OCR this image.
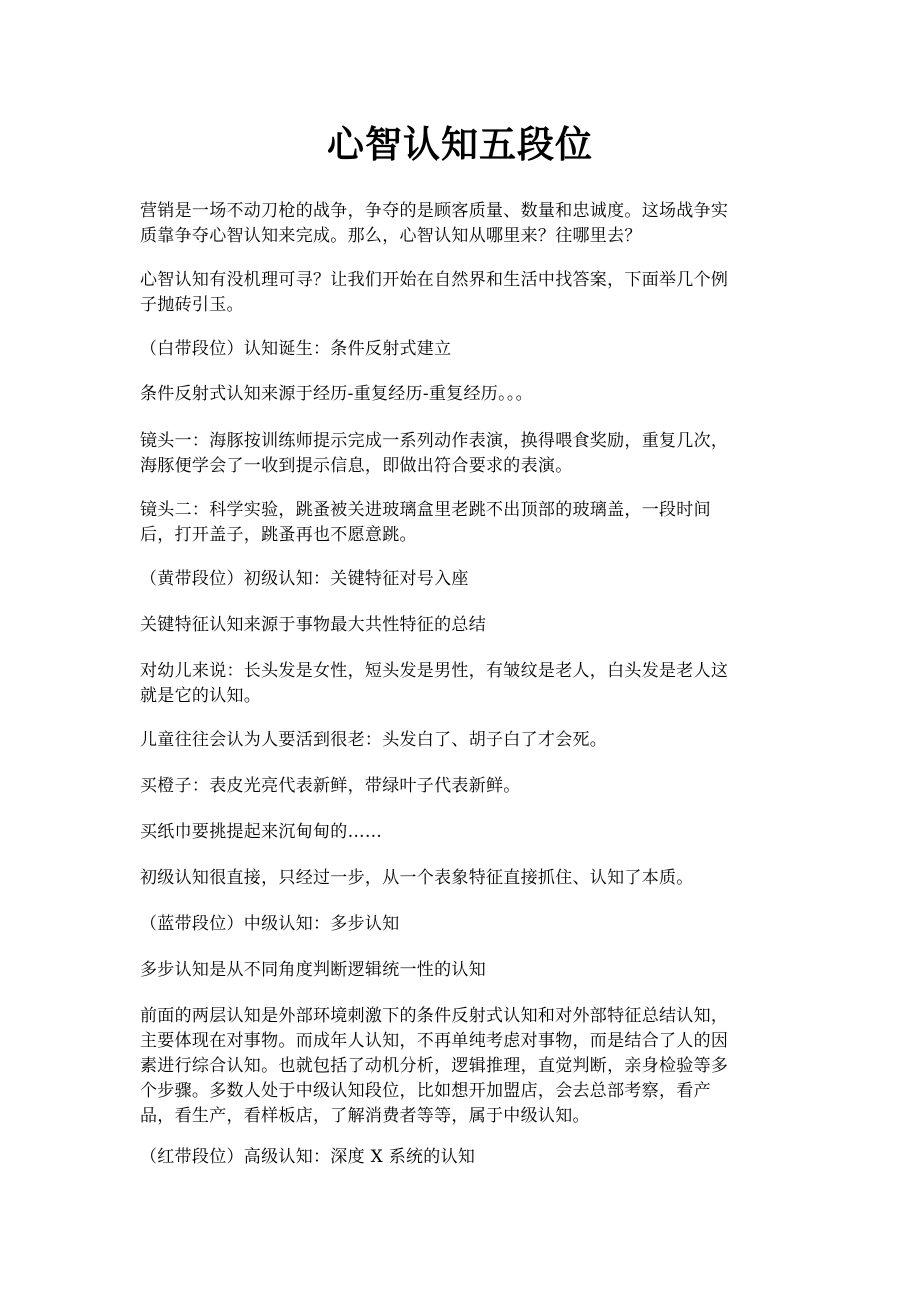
心智认知五段位

营销是一场不动刀枪的战争，争夺的是顾客质量、数量和忠诚度。这场战争实
质靠争夺心智认知来完成。那么，心智认知从哪里来？往哪里去？

心智认知有没机理可寻？让我们开始在自然界和生活中找答案，下面举几个例
子抛砖引玉。

（白带段位）认知诞生：条件反射式建立

条件反射式认知来源于经历-重复经历-重复经历。。。

镜头一：海豚按训练师提示完成一系列动作表演，换得喂食奖励，重复几次，
海豚便学会了一收到提示信息，即做出符合要求的表演。

镜头二：科学实验，跳蚤被关进玻璃盒里老跳不出顶部的玻璃盖，一段时间
后，打开盖子，跳蚤再也不愿意跳。

（黄带段位）初级认知：关键特征对号入座

关键特征认知来源于事物最大共性特征的总结

对幼儿来说：长头发是女性，短头发是男性，有皱纹是老人，白头发是老人这
就是它的认知。

儿童往往会认为人要活到很老：头发白了、胡子白了才会死。

买橙子：表皮光亮代表新鲜，带绿叶子代表新鲜。

买纸巾要挑提起来沉甸甸的……

初级认知很直接，只经过一步，从一个表象特征直接抓住、认知了本质。

（蓝带段位）中级认知：多步认知

多步认知是从不同角度判断逻辑统一性的认知

前面的两层认知是外部环境刺激下的条件反射式认知和对外部特征总结认知，
主要体现在对事物。而成年人认知，不再单纯考虑对事物，而是结合了人的因
素进行综合认知。也就包括了动机分析，逻辑推理，直觉判断，亲身检验等多
个步骤。多数人处于中级认知段位，比如想开加盟店，会去总部考察，看产
品，看生产，看样板店，了解消费者等等，属于中级认知。

（红带段位）高级认知：深度 X 系统的认知
